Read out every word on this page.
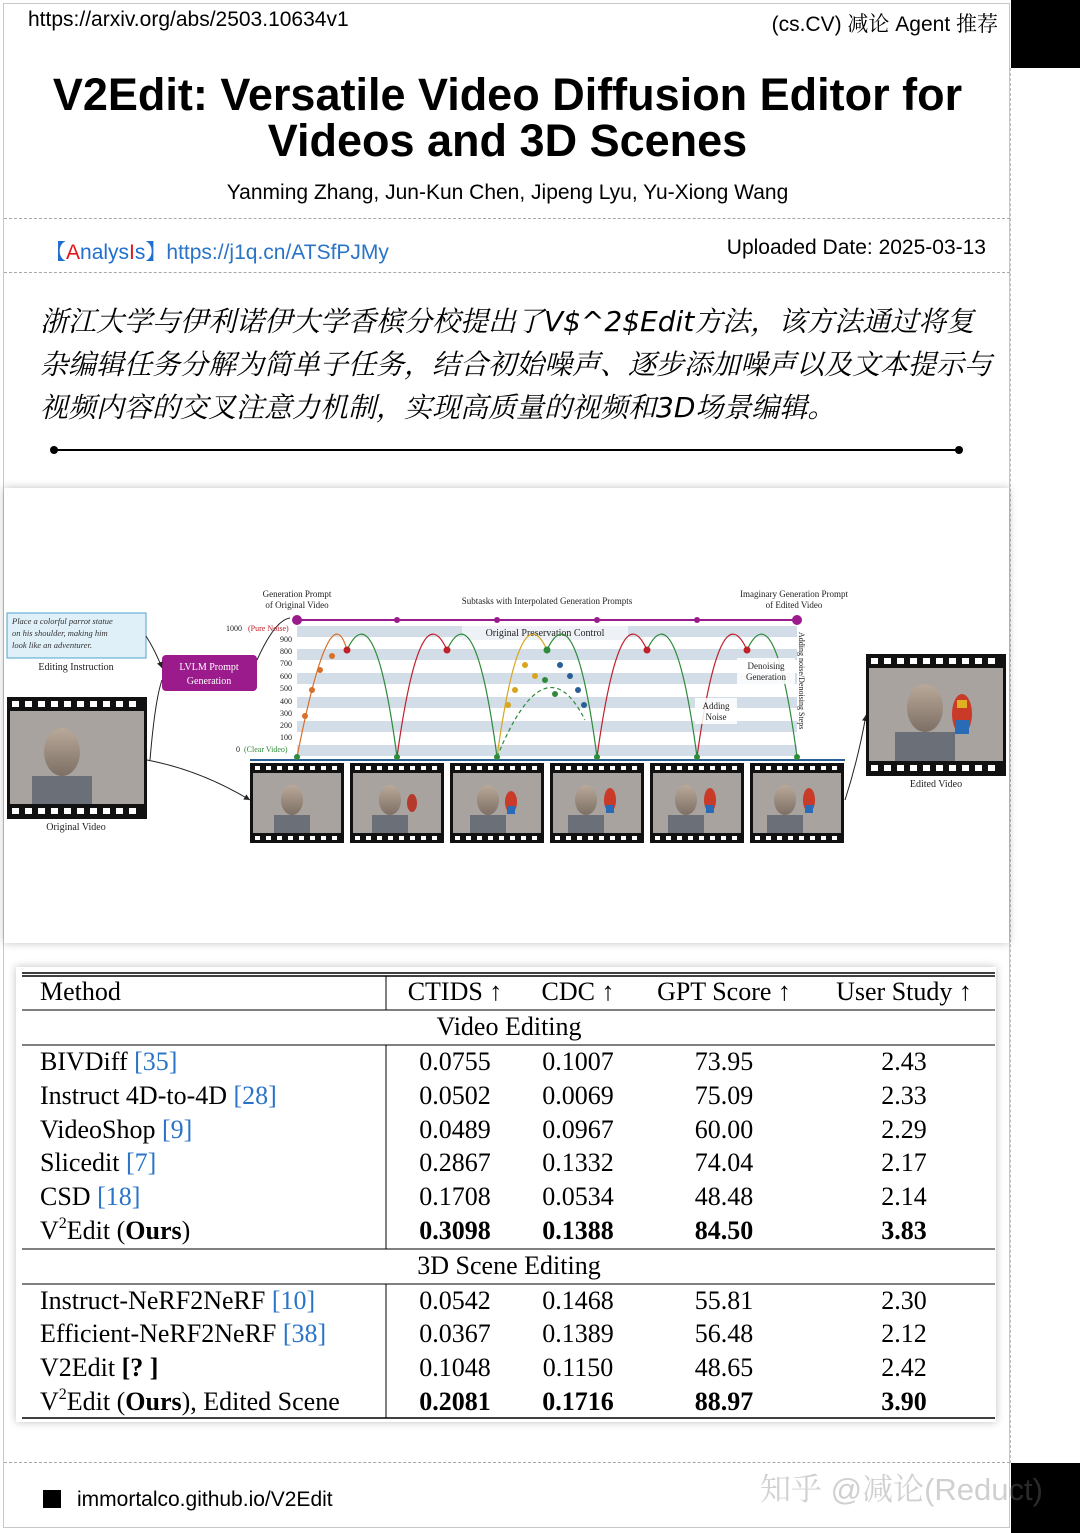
https://arxiv.org/abs/2503.10634v1	(cs.CV) 减论 Agent 推荐
V2Edit: Versatile Video Diffusion Editor for
Videos and 3D Scenes
Yanming Zhang, Jun-Kun Chen, Jipeng Lyu, Yu-Xiong Wang
【AnalysIs】https://j1q.cn/ATSfPJMy	Uploaded Date: 2025-03-13
浙江大学与伊利诺伊大学香槟分校提出了V$^2$Edit方法，该方法通过将复杂编辑任务分解为简单子任务，结合初始噪声、逐步添加噪声以及文本提示与视频内容的交叉注意力机制，实现高质量的视频和3D场景编辑。
Place a colorful parrot statue
on his shoulder, making him
look like an adventurer.
Editing Instruction	LVLM Prompt
Generation
Original Video
Generation Prompt
of Original Video	Subtasks with Interpolated Generation Prompts
Imaginary Generation Prompt
of Edited Video
1000 (Pure Noise)
900
800
700
600
500
400
300
200
100
0 (Clear Video)
Original Preservation Control
Denoising
Generation
Adding
Noise	Adding noise/Denoising Steps
Edited Video
Method	CTIDS ↑ CDC ↑ GPT Score ↑ User Study ↑
Video Editing
BIVDiff [35]	0.0755 0.1007	73.95	2.43
Instruct 4D-to-4D [28]	0.0502 0.0069	75.09	2.33
VideoShop [9]	0.0489 0.0967	60.00	2.29
Slicedit [7]	0.2867 0.1332	74.04	2.17
CSD [18]	0.1708 0.0534	48.48	2.14
$V^2Edit$ (Ours)	0.3098 0.1388	84.50	3.83
3D Scene Editing
Instruct-NeRF2NeRF [10]	0.0542 0.1468	55.81	2.30
Efficient-NeRF2NeRF [38]	0.0367 0.1389	56.48	2.12
V2Edit [? ]	0.1048 0.1150	48.65	2.42
$V^2Edit$ (Ours), Edited Scene	0.2081 0.1716	88.97	3.90
immortalco.github.io/V2Edit	知乎 @减论(Reduct)
